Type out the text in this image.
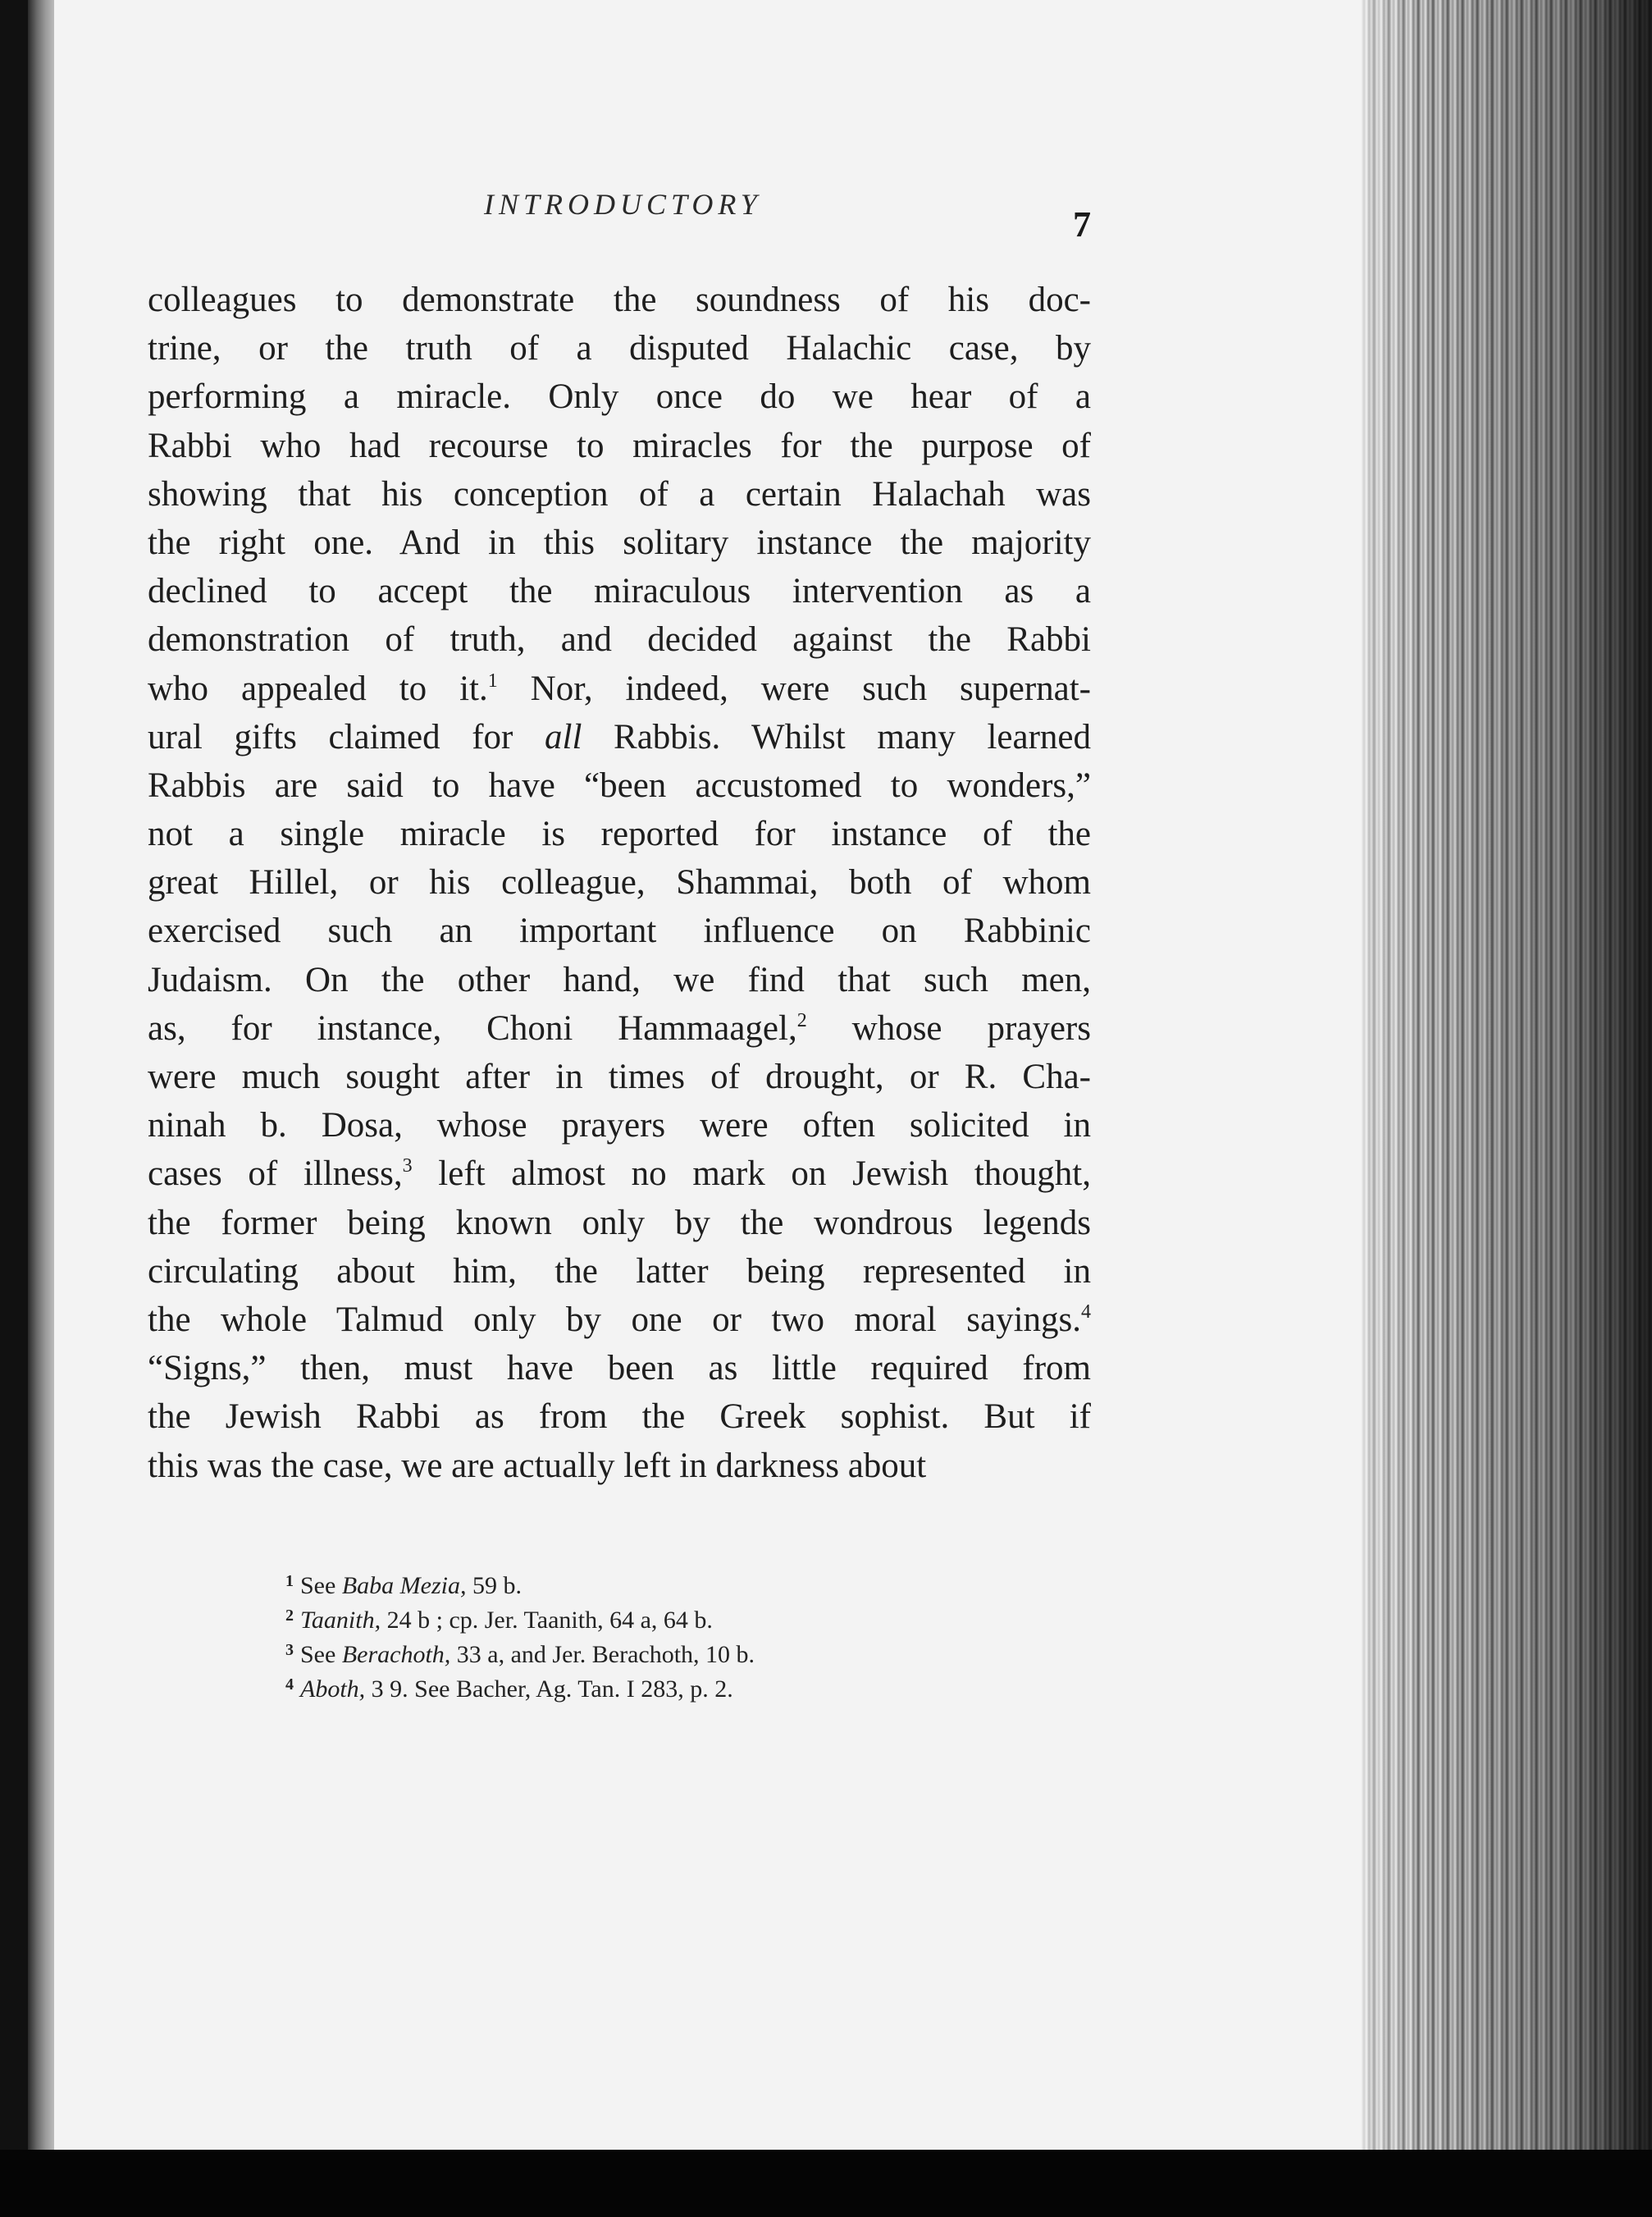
INTRODUCTORY	7
colleagues to demonstrate the soundness of his doc-
trine, or the truth of a disputed Halachic case, by
performing a miracle. Only once do we hear of a
Rabbi who had recourse to miracles for the purpose of
showing that his conception of a certain Halachah was
the right one. And in this solitary instance the majority
declined to accept the miraculous intervention as a
demonstration of truth, and decided against the Rabbi
who appealed to it.$^1$ Nor, indeed, were such supernat-
ural gifts claimed for all Rabbis. Whilst many learned
Rabbis are said to have “been accustomed to wonders,”
not a single miracle is reported for instance of the
great Hillel, or his colleague, Shammai, both of whom
exercised such an important influence on Rabbinic
Judaism. On the other hand, we find that such men,
as, for instance, Choni Hammaagel,$^2$ whose prayers
were much sought after in times of drought, or R. Cha-
ninah b. Dosa, whose prayers were often solicited in
cases of illness,$^3$ left almost no mark on Jewish thought,
the former being known only by the wondrous legends
circulating about him, the latter being represented in
the whole Talmud only by one or two moral sayings.$^4$
“Signs,” then, must have been as little required from
the Jewish Rabbi as from the Greek sophist. But if
this was the case, we are actually left in darkness about
$^1$ See Baba Mezia, 59 b.
$^2$ Taanith, 24 b ; cp. Jer. Taanith, 64 a, 64 b.
$^3$ See Berachoth, 33 a, and Jer. Berachoth, 10 b.
$^4$ Aboth, 3 9. See Bacher, Ag. Tan. I 283, p. 2.
